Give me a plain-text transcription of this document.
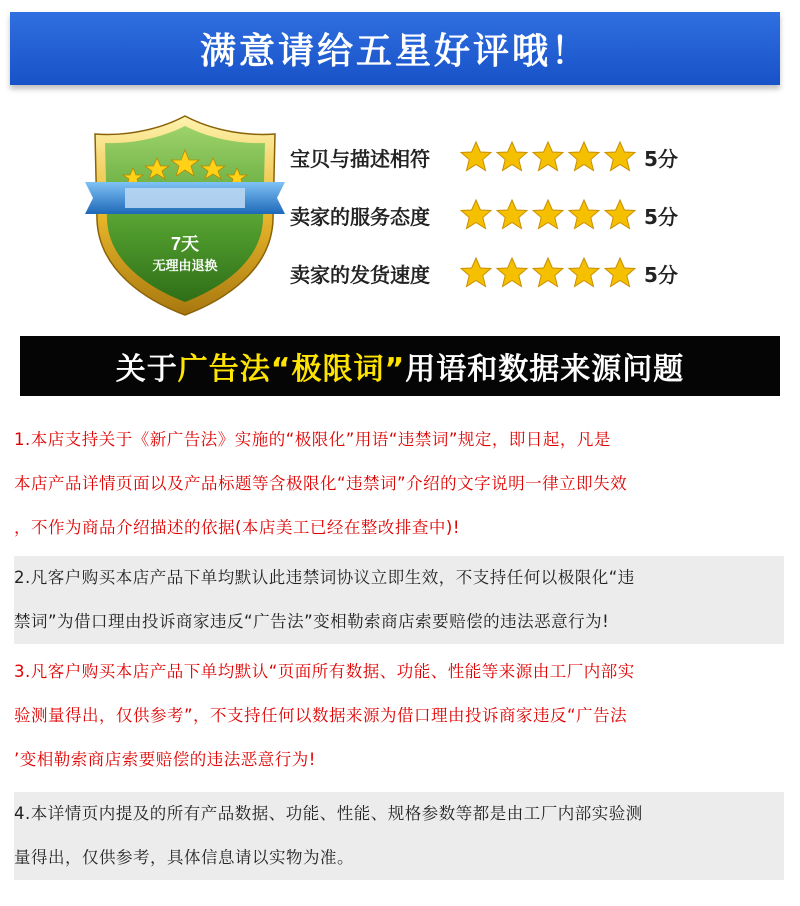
满意请给五星好评哦！
7天
无理由退换
宝贝与描述相符	5分
卖家的服务态度	5分
卖家的发货速度	5分
关于 广告法“极限词” 用语和数据来源问题
1.本店支持关于《新广告法》实施的“极限化”用语“违禁词”规定，即日起，凡是
本店产品详情页面以及产品标题等含极限化“违禁词”介绍的文字说明一律立即失效
，不作为商品介绍描述的依据(本店美工已经在整改排查中)!
2.凡客户购买本店产品下单均默认此违禁词协议立即生效，不支持任何以极限化“违
禁词”为借口理由投诉商家违反“广告法”变相勒索商店索要赔偿的违法恶意行为!
3.凡客户购买本店产品下单均默认“页面所有数据、功能、性能等来源由工厂内部实
验测量得出，仅供参考”，不支持任何以数据来源为借口理由投诉商家违反“广告法
’变相勒索商店索要赔偿的违法恶意行为!
4.本详情页内提及的所有产品数据、功能、性能、规格参数等都是由工厂内部实验测
量得出，仅供参考，具体信息请以实物为准。
